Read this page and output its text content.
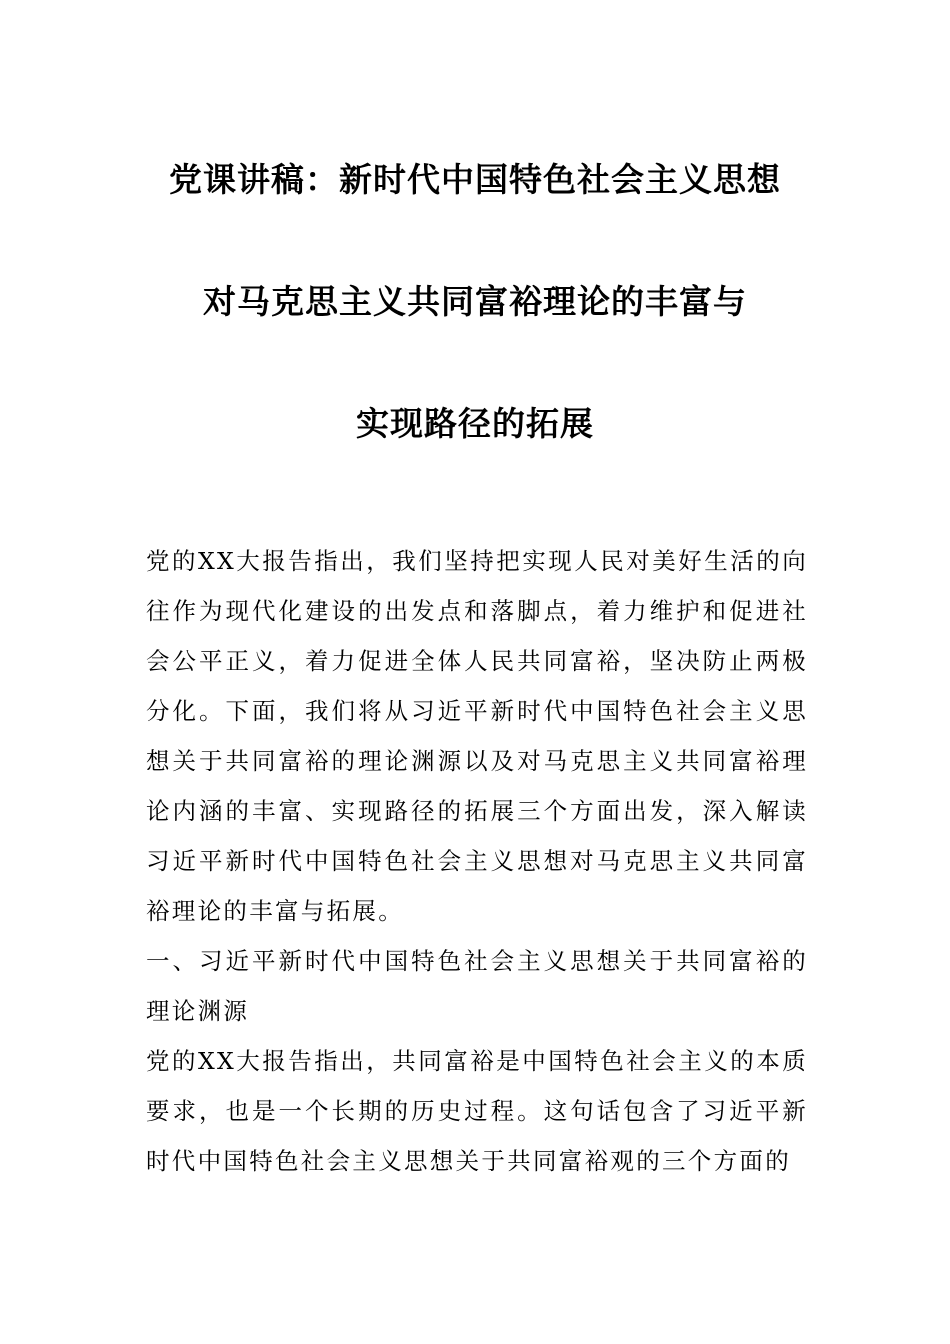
党课讲稿：新时代中国特色社会主义思想

对马克思主义共同富裕理论的丰富与

实现路径的拓展

党的XX大报告指出，我们坚持把实现人民对美好生活的向往作为现代化建设的出发点和落脚点，着力维护和促进社会公平正义，着力促进全体人民共同富裕，坚决防止两极分化。下面，我们将从习近平新时代中国特色社会主义思想关于共同富裕的理论渊源以及对马克思主义共同富裕理论内涵的丰富、实现路径的拓展三个方面出发，深入解读习近平新时代中国特色社会主义思想对马克思主义共同富裕理论的丰富与拓展。

一、习近平新时代中国特色社会主义思想关于共同富裕的理论渊源

党的XX大报告指出，共同富裕是中国特色社会主义的本质要求，也是一个长期的历史过程。这句话包含了习近平新时代中国特色社会主义思想关于共同富裕观的三个方面的
